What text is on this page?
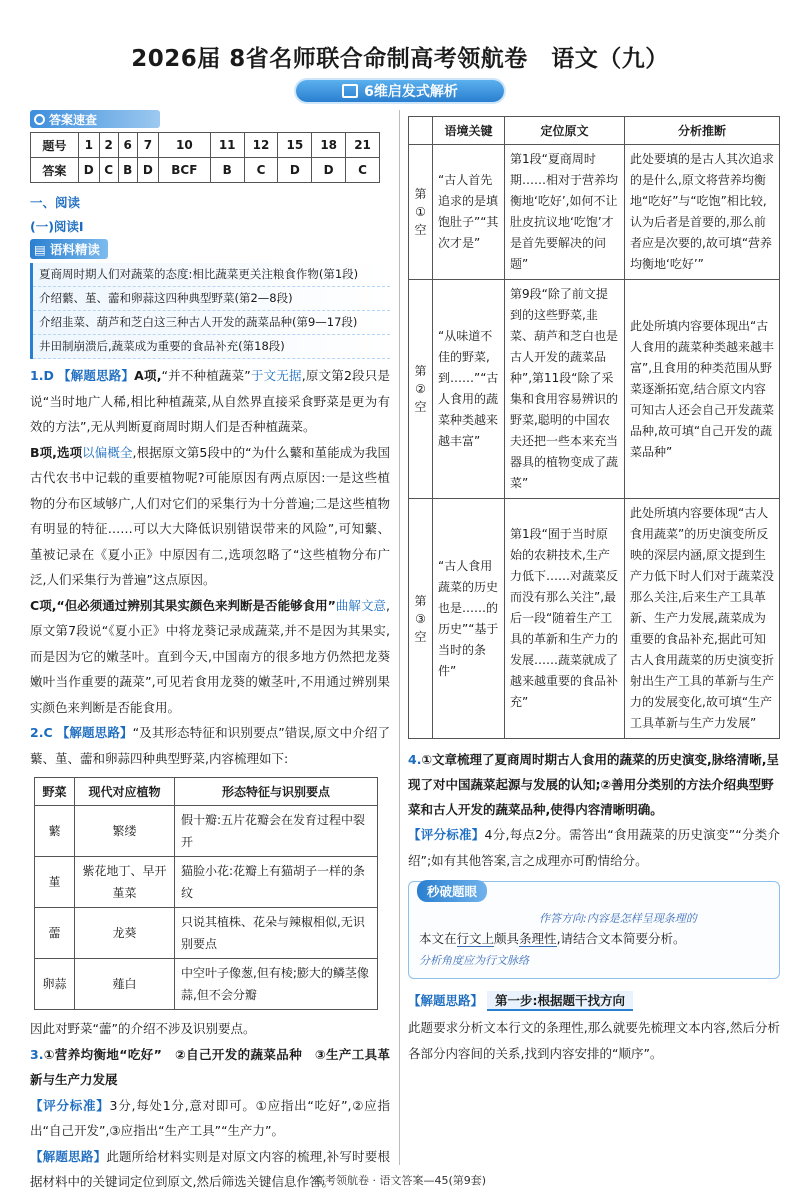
2026届 8省名师联合命制高考领航卷　语文（九）
6维启发式解析
答案速查
题号	1	2	6	7	10	11	12	15	18	21
答案	D	C	B	D	BCF	B	C	D	D	C
一、阅读
(一)阅读Ⅰ
▤ 语料精读
夏商周时期人们对蔬菜的态度:相比蔬菜更关注粮食作物(第1段)
介绍蘩、堇、蘦和卵蒜这四种典型野菜(第2—8段)
介绍韭菜、葫芦和芝白这三种古人开发的蔬菜品种(第9—17段)
井田制崩溃后,蔬菜成为重要的食品补充(第18段)

1.D 【解题思路】A项,“并不种植蔬菜”于文无据,原文第2段只是说“当时地广人稀,相比种植蔬菜,从自然界直接采食野菜是更为有效的方法”,无从判断夏商周时期人们是否种植蔬菜。
B项,选项以偏概全,根据原文第5段中的“为什么蘩和堇能成为我国古代农书中记载的重要植物呢?可能原因有两点原因:一是这些植物的分布区域够广,人们对它们的采集行为十分普遍;二是这些植物有明显的特征……可以大大降低识别错误带来的风险”,可知蘩、堇被记录在《夏小正》中原因有二,选项忽略了“这些植物分布广泛,人们采集行为普遍”这点原因。
C项,“但必须通过辨别其果实颜色来判断是否能够食用”曲解文意,原文第7段说“《夏小正》中将龙葵记录成蔬菜,并不是因为其果实,而是因为它的嫩茎叶。直到今天,中国南方的很多地方仍然把龙葵嫩叶当作重要的蔬菜”,可见若食用龙葵的嫩茎叶,不用通过辨别果实颜色来判断是否能食用。

2.C 【解题思路】“及其形态特征和识别要点”错误,原文中介绍了蘩、堇、蘦和卵蒜四种典型野菜,内容梳理如下:

野菜	现代对应植物	形态特征与识别要点
蘩	繁缕	假十瓣:五片花瓣会在发育过程中裂开
堇	紫花地丁、早开堇菜	猫脸小花:花瓣上有猫胡子一样的条纹
蘦	龙葵	只说其植株、花朵与辣椒相似,无识别要点
卵蒜	薤白	中空叶子像葱,但有棱;膨大的鳞茎像蒜,但不会分瓣

因此对野菜“蘦”的介绍不涉及识别要点。

3.①营养均衡地“吃好”　②自己开发的蔬菜品种　③生产工具革新与生产力发展

【评分标准】3分,每处1分,意对即可。①应指出“吃好”,②应指出“自己开发”,③应指出“生产工具”“生产力”。

【解题思路】此题所给材料实则是对原文内容的梳理,补写时要根据材料中的关键词定位到原文,然后筛选关键信息作答。

	语境关键	定位原文	分析推断
第①空	“古人首先追求的是填饱肚子”“其次才是”	第1段“夏商周时期……相对于营养均衡地‘吃好’,如何不让肚皮抗议地‘吃饱’才是首先要解决的问题”	此处要填的是古人其次追求的是什么,原文将营养均衡地“吃好”与“吃饱”相比较,认为后者是首要的,那么前者应是次要的,故可填“营养均衡地‘吃好’”
第②空	“从味道不佳的野菜,到……”“古人食用的蔬菜种类越来越丰富”	第9段“除了前文提到的这些野菜,韭菜、葫芦和芝白也是古人开发的蔬菜品种”,第11段“除了采集和食用容易辨识的野菜,聪明的中国农夫还把一些本来充当器具的植物变成了蔬菜”	此处所填内容要体现出“古人食用的蔬菜种类越来越丰富”,且食用的种类范围从野菜逐渐拓宽,结合原文内容可知古人还会自己开发蔬菜品种,故可填“自己开发的蔬菜品种”
第③空	“古人食用蔬菜的历史也是……的历史”“基于当时的条件”	第1段“囿于当时原始的农耕技术,生产力低下……对蔬菜反而没有那么关注”,最后一段“随着生产工具的革新和生产力的发展……蔬菜就成了越来越重要的食品补充”	此处所填内容要体现“古人食用蔬菜”的历史演变所反映的深层内涵,原文提到生产力低下时人们对于蔬菜没那么关注,后来生产工具革新、生产力发展,蔬菜成为重要的食品补充,据此可知古人食用蔬菜的历史演变折射出生产工具的革新与生产力的发展变化,故可填“生产工具革新与生产力发展”

4.①文章梳理了夏商周时期古人食用的蔬菜的历史演变,脉络清晰,呈现了对中国蔬菜起源与发展的认知;②善用分类别的方法介绍典型野菜和古人开发的蔬菜品种,使得内容清晰明确。

【评分标准】4分,每点2分。需答出“食用蔬菜的历史演变”“分类介绍”;如有其他答案,言之成理亦可酌情给分。

秒破题眼
作答方向:内容是怎样呈现条理的
本文在行文上颇具条理性,请结合文本简要分析。
分析角度应为行文脉络
【解题思路】 第一步:根据题干找方向

此题要求分析文本行文的条理性,那么就要先梳理文本内容,然后分析各部分内容间的关系,找到内容安排的“顺序”。

高考领航卷 · 语文答案—45(第9套)
